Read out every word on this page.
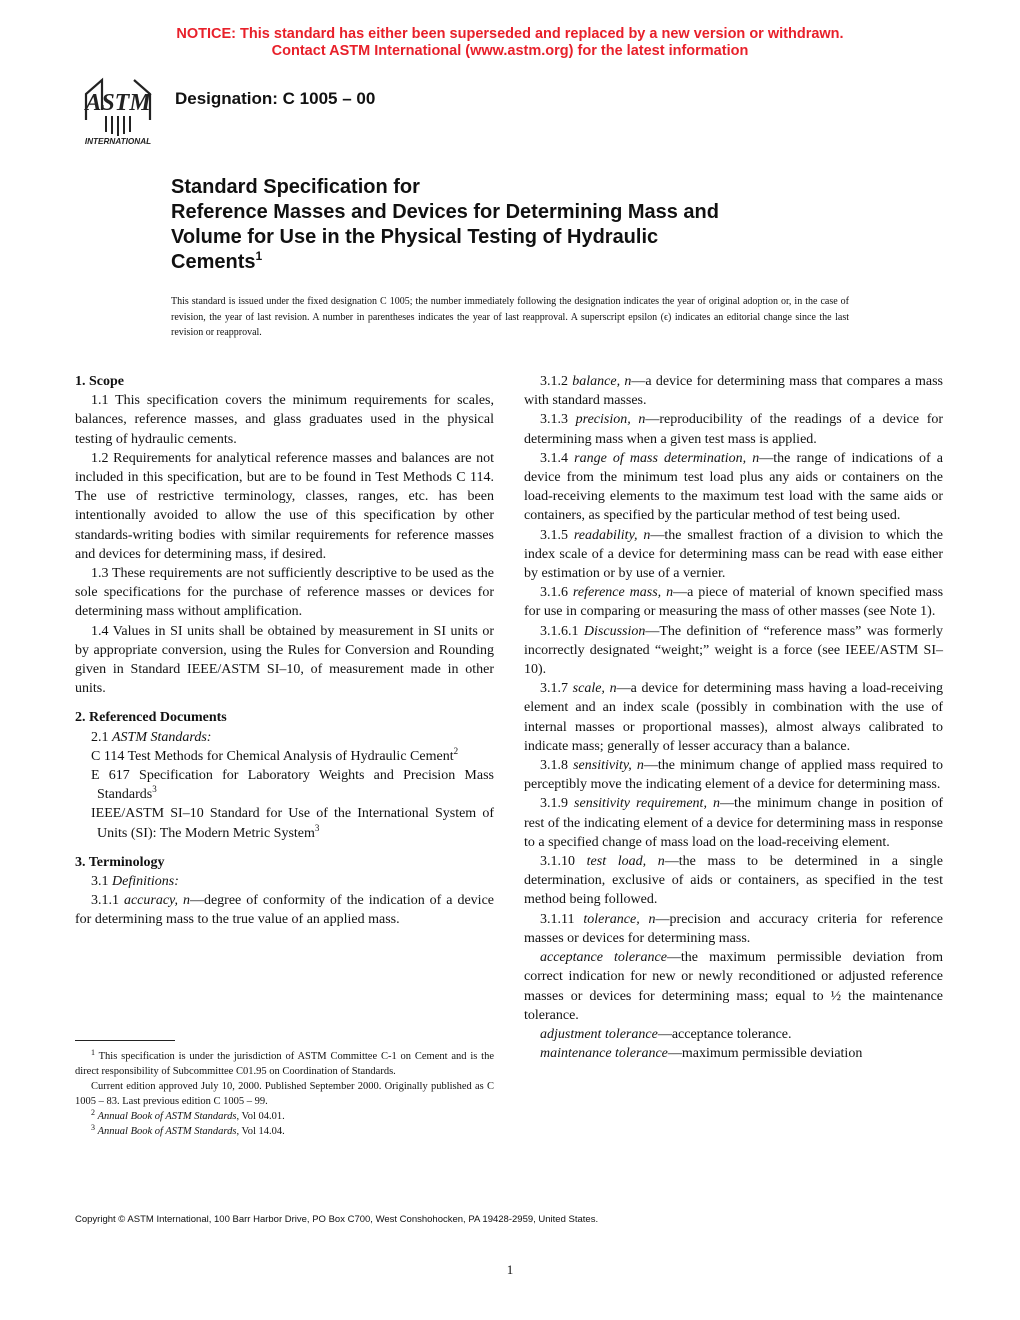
NOTICE: This standard has either been superseded and replaced by a new version or withdrawn.
Contact ASTM International (www.astm.org) for the latest information
ASTM
INTERNATIONAL
Designation: C 1005 – 00
Standard Specification for
Reference Masses and Devices for Determining Mass and
Volume for Use in the Physical Testing of Hydraulic
Cements$^1$

This standard is issued under the fixed designation C 1005; the number immediately following the designation indicates the year of original adoption or, in the case of revision, the year of last revision. A number in parentheses indicates the year of last reapproval. A superscript epsilon (ϵ) indicates an editorial change since the last revision or reapproval.

1. Scope

1.1 This specification covers the minimum requirements for scales, balances, reference masses, and glass graduates used in the physical testing of hydraulic cements.

1.2 Requirements for analytical reference masses and balances are not included in this specification, but are to be found in Test Methods C 114. The use of restrictive terminology, classes, ranges, etc. has been intentionally avoided to allow the use of this specification by other standards-writing bodies with similar requirements for reference masses and devices for determining mass, if desired.

1.3 These requirements are not sufficiently descriptive to be used as the sole specifications for the purchase of reference masses or devices for determining mass without amplification.

1.4 Values in SI units shall be obtained by measurement in SI units or by appropriate conversion, using the Rules for Conversion and Rounding given in Standard IEEE/ASTM SI–10, of measurement made in other units.

2. Referenced Documents

2.1 ASTM Standards:

C 114 Test Methods for Chemical Analysis of Hydraulic Cement$^2$

E 617 Specification for Laboratory Weights and Precision Mass Standards$^3$

IEEE/ASTM SI–10 Standard for Use of the International System of Units (SI): The Modern Metric System$^3$

3. Terminology

3.1 Definitions:

3.1.1 accuracy, n—degree of conformity of the indication of a device for determining mass to the true value of an applied mass.

3.1.2 balance, n—a device for determining mass that compares a mass with standard masses.

3.1.3 precision, n—reproducibility of the readings of a device for determining mass when a given test mass is applied.

3.1.4 range of mass determination, n—the range of indications of a device from the minimum test load plus any aids or containers on the load-receiving elements to the maximum test load with the same aids or containers, as specified by the particular method of test being used.

3.1.5 readability, n—the smallest fraction of a division to which the index scale of a device for determining mass can be read with ease either by estimation or by use of a vernier.

3.1.6 reference mass, n—a piece of material of known specified mass for use in comparing or measuring the mass of other masses (see Note 1).

3.1.6.1 Discussion—The definition of “reference mass” was formerly incorrectly designated “weight;” weight is a force (see IEEE/ASTM SI–10).

3.1.7 scale, n—a device for determining mass having a load-receiving element and an index scale (possibly in combination with the use of internal masses or proportional masses), almost always calibrated to indicate mass; generally of lesser accuracy than a balance.

3.1.8 sensitivity, n—the minimum change of applied mass required to perceptibly move the indicating element of a device for determining mass.

3.1.9 sensitivity requirement, n—the minimum change in position of rest of the indicating element of a device for determining mass in response to a specified change of mass load on the load-receiving element.

3.1.10 test load, n—the mass to be determined in a single determination, exclusive of aids or containers, as specified in the test method being followed.

3.1.11 tolerance, n—precision and accuracy criteria for reference masses or devices for determining mass.

acceptance tolerance—the maximum permissible deviation from correct indication for new or newly reconditioned or adjusted reference masses or devices for determining mass; equal to ½ the maintenance tolerance.

adjustment tolerance—acceptance tolerance.

maintenance tolerance—maximum permissible deviation

$^1$ This specification is under the jurisdiction of ASTM Committee C-1 on Cement and is the direct responsibility of Subcommittee C01.95 on Coordination of Standards.

Current edition approved July 10, 2000. Published September 2000. Originally published as C 1005 – 83. Last previous edition C 1005 – 99.

$^2$ Annual Book of ASTM Standards, Vol 04.01.

$^3$ Annual Book of ASTM Standards, Vol 14.04.

Copyright © ASTM International, 100 Barr Harbor Drive, PO Box C700, West Conshohocken, PA 19428-2959, United States.
1
